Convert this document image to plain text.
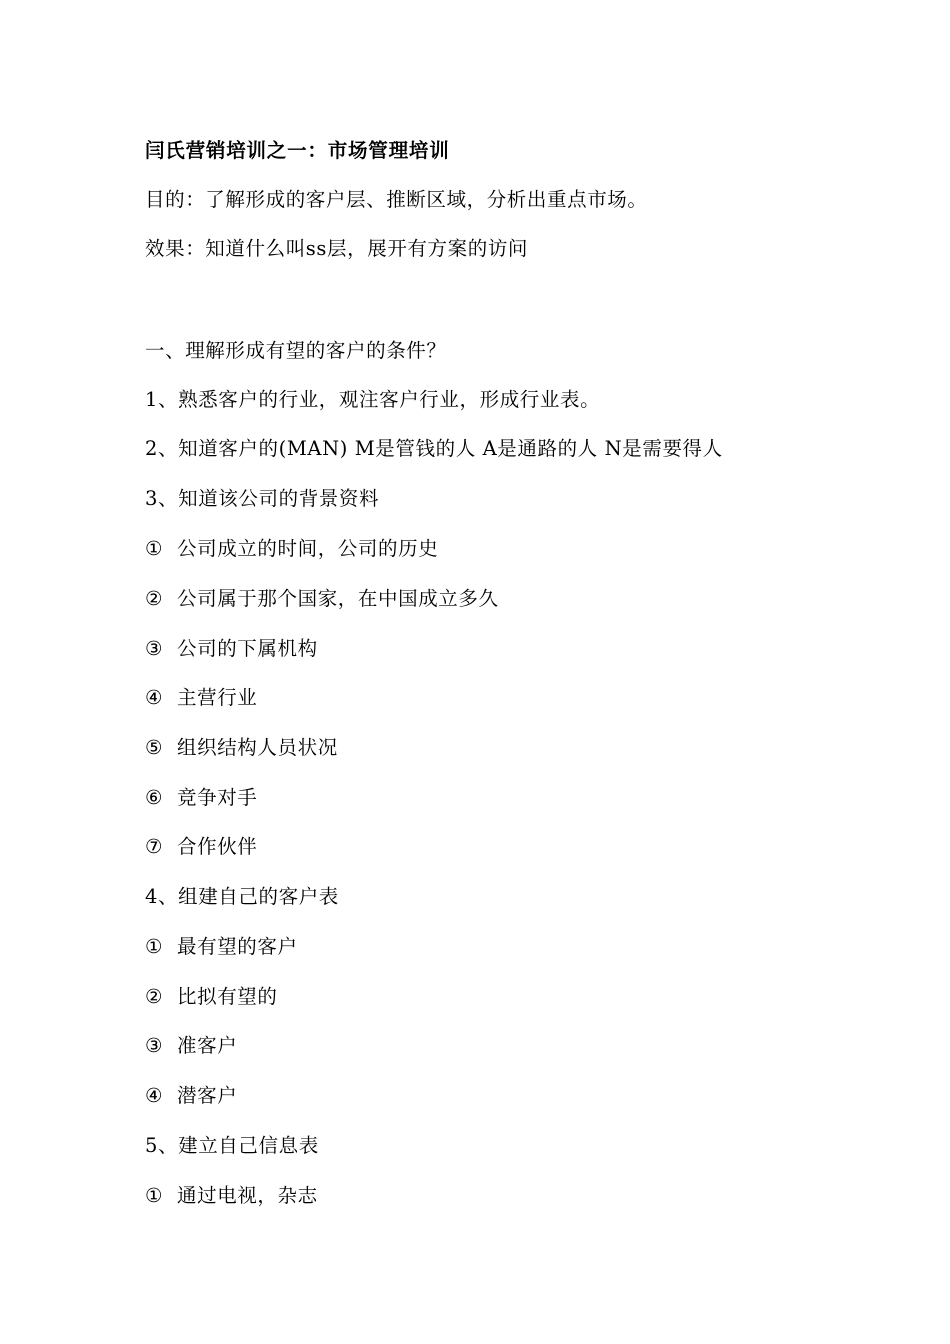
闫氏营销培训之一：市场管理培训
目的：了解形成的客户层、推断区域，分析出重点市场。
效果：知道什么叫ss层，展开有方案的访问
一、理解形成有望的客户的条件？
1、熟悉客户的行业，观注客户行业，形成行业表。
2、知道客户的(MAN) M是管钱的人 A是通路的人 N是需要得人
3、知道该公司的背景资料
① 公司成立的时间，公司的历史
② 公司属于那个国家，在中国成立多久
③ 公司的下属机构
④ 主营行业
⑤ 组织结构人员状况
⑥ 竞争对手
⑦ 合作伙伴
4、组建自己的客户表
① 最有望的客户
② 比拟有望的
③ 准客户
④ 潜客户
5、建立自己信息表
① 通过电视，杂志
